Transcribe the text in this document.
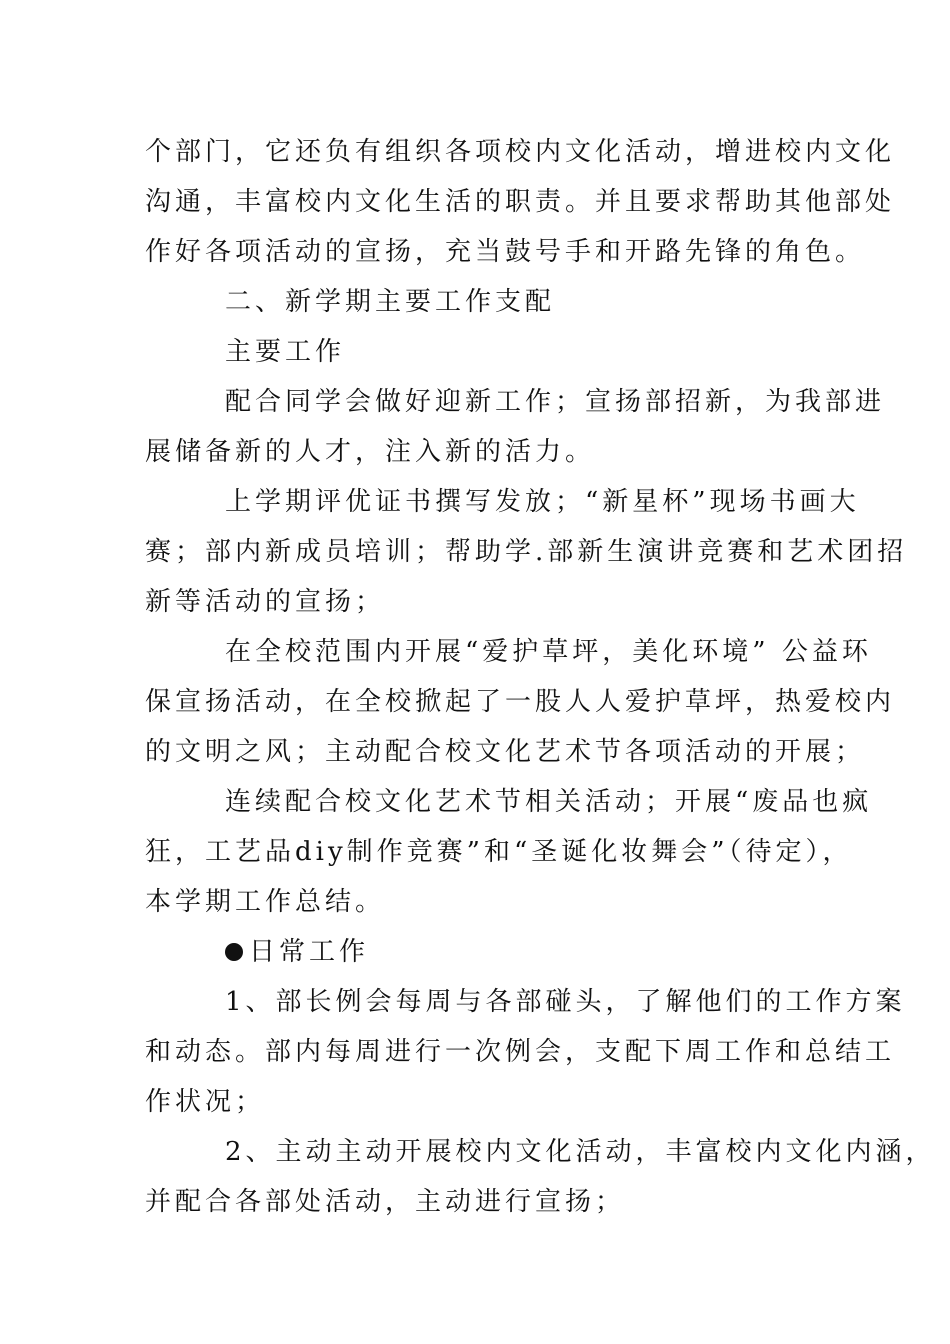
个部门，它还负有组织各项校内文化活动，增进校内文化
沟通，丰富校内文化生活的职责。并且要求帮助其他部处
作好各项活动的宣扬，充当鼓号手和开路先锋的角色。
二、新学期主要工作支配
主要工作
配合同学会做好迎新工作；宣扬部招新，为我部进
展储备新的人才，注入新的活力。
上学期评优证书撰写发放；“新星杯”现场书画大
赛；部内新成员培训；帮助学.部新生演讲竞赛和艺术团招
新等活动的宣扬；
在全校范围内开展“爱护草坪，美化环境” 公益环
保宣扬活动，在全校掀起了一股人人爱护草坪，热爱校内
的文明之风；主动配合校文化艺术节各项活动的开展；
连续配合校文化艺术节相关活动；开展“废品也疯
狂，工艺品diy制作竞赛”和“圣诞化妆舞会”（待定），
本学期工作总结。
日常工作
1、部长例会每周与各部碰头，了解他们的工作方案
和动态。部内每周进行一次例会，支配下周工作和总结工
作状况；
2、主动主动开展校内文化活动，丰富校内文化内涵，
并配合各部处活动，主动进行宣扬；
